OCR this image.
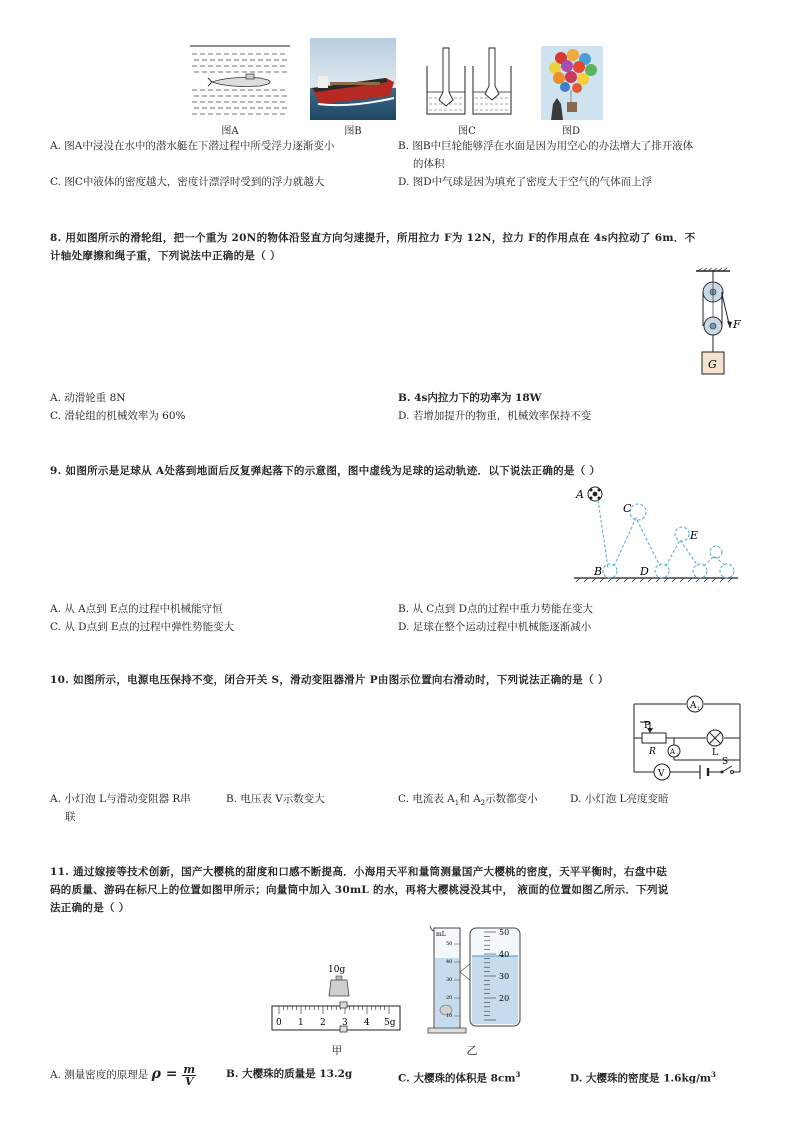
图A	图B	图C	图D
A. 图A中浸没在水中的潜水艇在下潜过程中所受浮力逐渐变小	B. 图B中巨轮能够浮在水面是因为用空心的办法增大了排开液体
的体积
C. 图C中液体的密度越大，密度计漂浮时受到的浮力就越大	D. 图D中气球是因为填充了密度大于空气的气体而上浮
8. 用如图所示的滑轮组，把一个重为 20N的物体沿竖直方向匀速提升，所用拉力 F为 12N，拉力 F的作用点在 4s内拉动了 6m．不
计轴处摩擦和绳子重，下列说法中正确的是（ ）
F
G
A. 动滑轮重 8N	B. 4s内拉力下的功率为 18W
C. 滑轮组的机械效率为 60%	D. 若增加提升的物重，机械效率保持不变
9. 如图所示是足球从 A处落到地面后反复弹起落下的示意图，图中虚线为足球的运动轨迹．以下说法正确的是（ ）
A
B
C
D
E
A. 从 A点到 E点的过程中机械能守恒	B. 从 C点到 D点的过程中重力势能在变大
C. 从 D点到 E点的过程中弹性势能变大	D. 足球在整个运动过程中机械能逐渐减小
10. 如图所示，电源电压保持不变，闭合开关 S，滑动变阻器滑片 P由图示位置向右滑动时，下列说法正确的是（ ）
A 1
P
R A 2	L
V
S
A. 小灯泡 L与滑动变阻器 R串
联
B. 电压表 V示数变大	C. 电流表 $A_1$和 $A_2$示数都变小	D. 小灯泡 L亮度变暗
11. 通过嫁接等技术创新，国产大樱桃的甜度和口感不断提高．小海用天平和量筒测量国产大樱桃的密度，天平平衡时，右盘中砝
码的质量、游码在标尺上的位置如图甲所示；向量筒中加入 30mL 的水，再将大樱桃浸没其中， 液面的位置如图乙所示．下列说
法正确的是（ ）
10g
0 1 2 3 4 5g
甲
mL
50
40
30
20
10
50
40
30
20
乙
A. 测量密度的原理是 $\rho = \frac{m}{V}$	B. 大樱珠的质量是 13.2g	C. 大樱珠的体积是 $8cm^3$	D. 大樱珠的密度是 $1.6kg/m^3$
